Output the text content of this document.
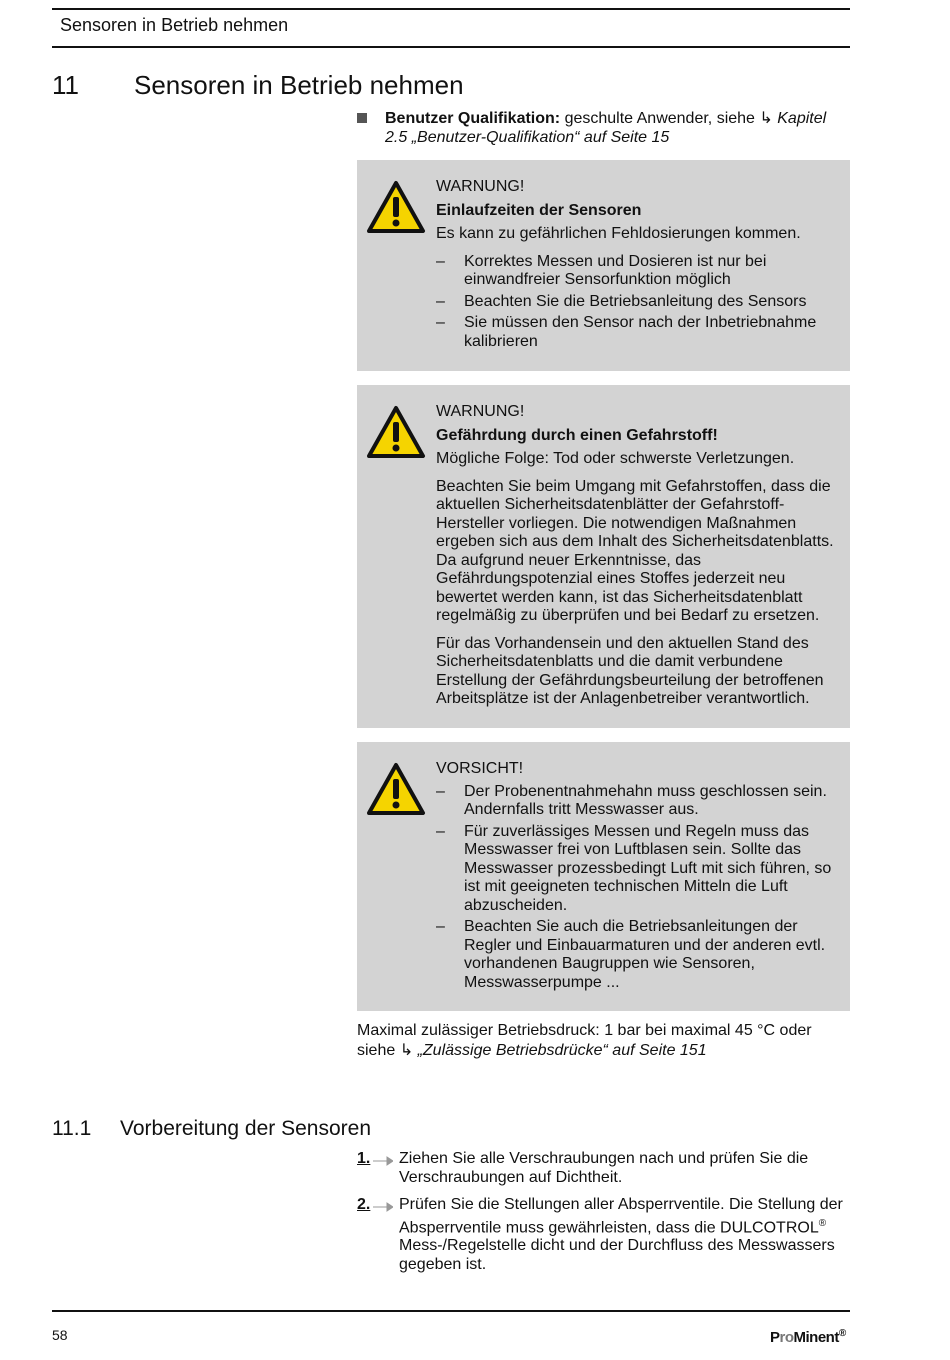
Sensoren in Betrieb nehmen
11 Sensoren in Betrieb nehmen
Benutzer Qualifikation: geschulte Anwender, siehe ↳ Kapitel 2.5 „Benutzer-Qualifikation“ auf Seite 15

WARNUNG!

Einlaufzeiten der Sensoren

Es kann zu gefährlichen Fehldosierungen kommen.

– Korrektes Messen und Dosieren ist nur bei einwandfreier Sensorfunktion möglich
– Beachten Sie die Betriebsanleitung des Sensors
– Sie müssen den Sensor nach der Inbetriebnahme kalibrieren

WARNUNG!

Gefährdung durch einen Gefahrstoff!

Mögliche Folge: Tod oder schwerste Verletzungen.

Beachten Sie beim Umgang mit Gefahrstoffen, dass die aktuellen Sicherheitsdatenblätter der Gefahrstoff-Hersteller vorliegen. Die notwendigen Maßnahmen ergeben sich aus dem Inhalt des Sicherheitsdatenblatts. Da aufgrund neuer Erkenntnisse, das Gefährdungspotenzial eines Stoffes jederzeit neu bewertet werden kann, ist das Sicherheitsdatenblatt regelmäßig zu überprüfen und bei Bedarf zu ersetzen.

Für das Vorhandensein und den aktuellen Stand des Sicherheitsdatenblatts und die damit verbundene Erstellung der Gefährdungsbeurteilung der betroffenen Arbeitsplätze ist der Anlagenbetreiber verantwortlich.

VORSICHT!

– Der Probenentnahmehahn muss geschlossen sein. Andernfalls tritt Messwasser aus.
– Für zuverlässiges Messen und Regeln muss das Messwasser frei von Luftblasen sein. Sollte das Messwasser prozessbedingt Luft mit sich führen, so ist mit geeigneten technischen Mitteln die Luft abzuscheiden.
– Beachten Sie auch die Betriebsanleitungen der Regler und Einbauarmaturen und der anderen evtl. vorhandenen Baugruppen wie Sensoren, Messwasserpumpe ...
Maximal zulässiger Betriebsdruck: 1 bar bei maximal 45 °C oder siehe ↳ „Zulässige Betriebsdrücke“ auf Seite 151
11.1 Vorbereitung der Sensoren
1. Ziehen Sie alle Verschraubungen nach und prüfen Sie die Verschraubungen auf Dichtheit.
2. Prüfen Sie die Stellungen aller Absperrventile. Die Stellung der Absperrventile muss gewährleisten, dass die DULCOTROL® Mess-/Regelstelle dicht und der Durchfluss des Messwassers gegeben ist.
58	ProMinent®
